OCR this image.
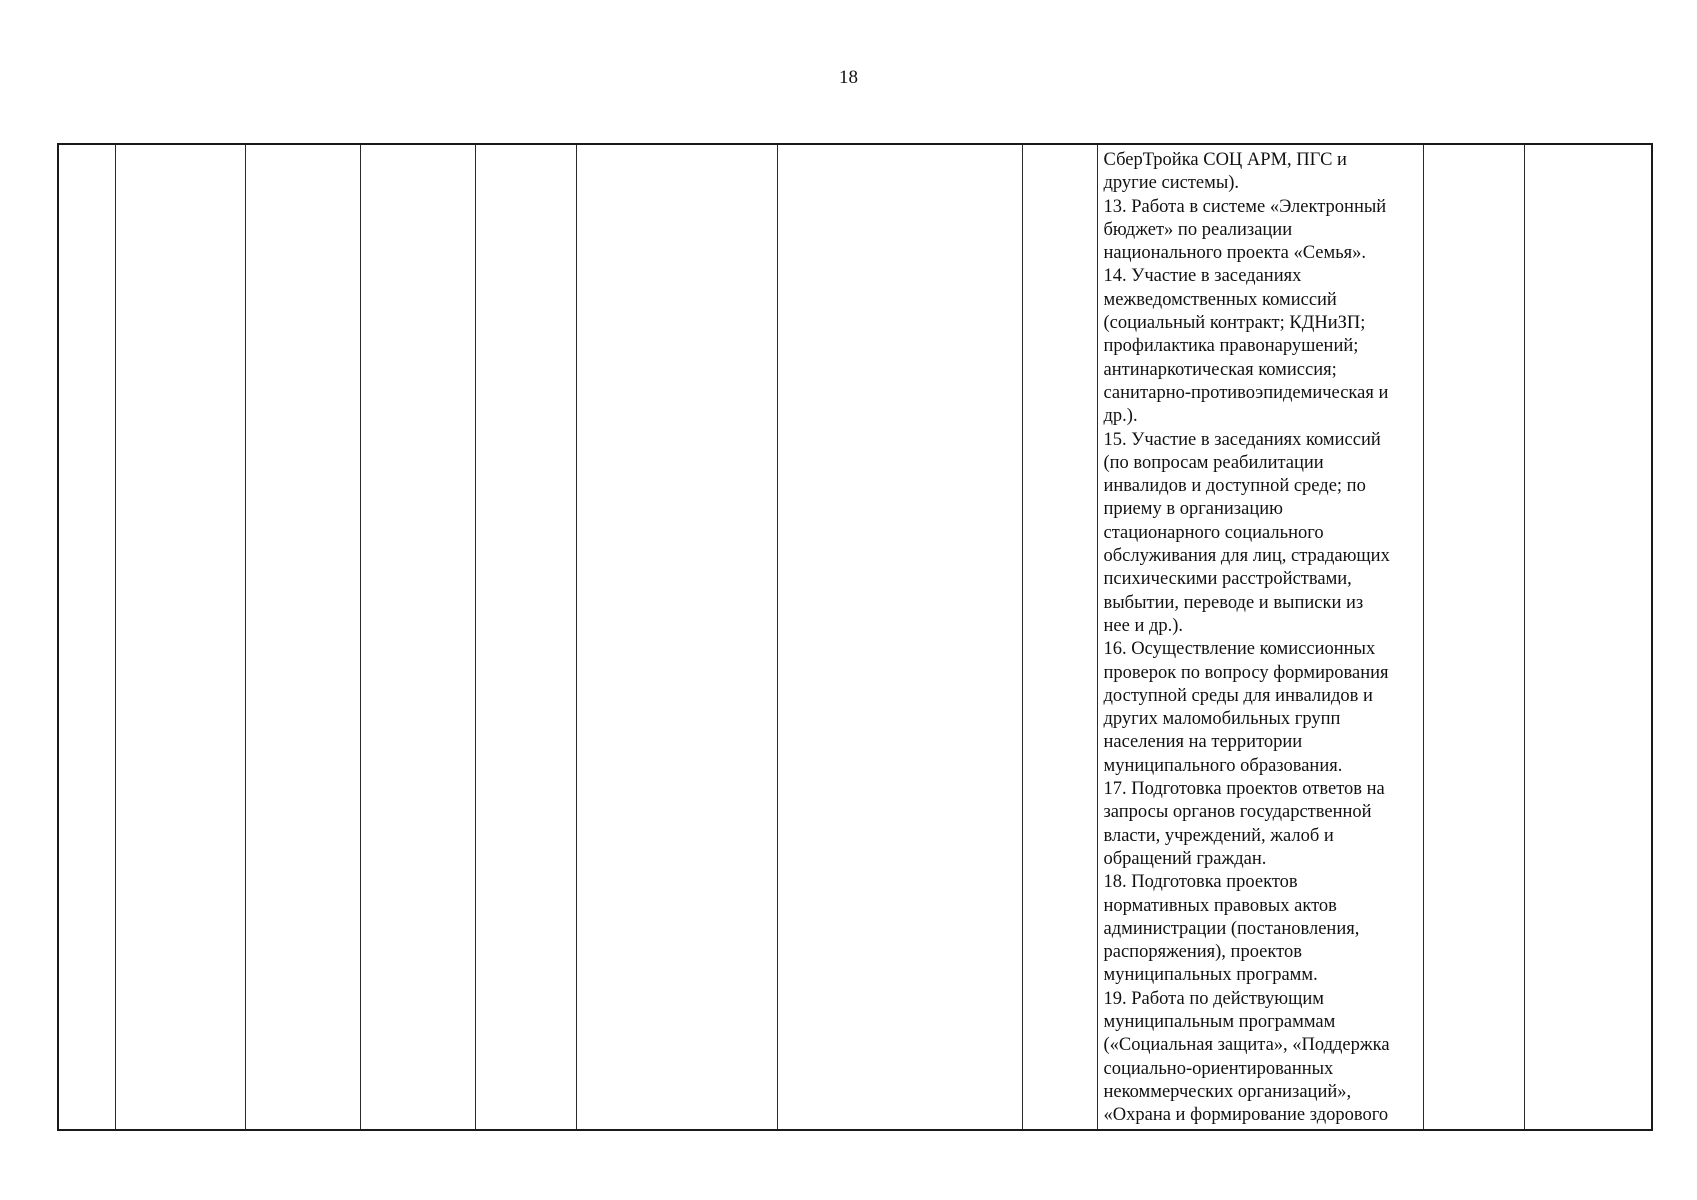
18

СберТройка СОЦ АРМ, ПГС и
другие системы).
13. Работа в системе «Электронный
бюджет» по реализации
национального проекта «Семья».
14. Участие в заседаниях
межведомственных комиссий
(социальный контракт; КДНиЗП;
профилактика правонарушений;
антинаркотическая комиссия;
санитарно-противоэпидемическая и
др.).
15. Участие в заседаниях комиссий
(по вопросам реабилитации
инвалидов и доступной среде; по
приему в организацию
стационарного социального
обслуживания для лиц, страдающих
психическими расстройствами,
выбытии, переводе и выписки из
нее и др.).
16. Осуществление комиссионных
проверок по вопросу формирования
доступной среды для инвалидов и
других маломобильных групп
населения на территории
муниципального образования.
17. Подготовка проектов ответов на
запросы органов государственной
власти, учреждений, жалоб и
обращений граждан.
18. Подготовка проектов
нормативных правовых актов
администрации (постановления,
распоряжения), проектов
муниципальных программ.
19. Работа по действующим
муниципальным программам
(«Социальная защита», «Поддержка
социально-ориентированных
некоммерческих организаций»,
«Охрана и формирование здорового
